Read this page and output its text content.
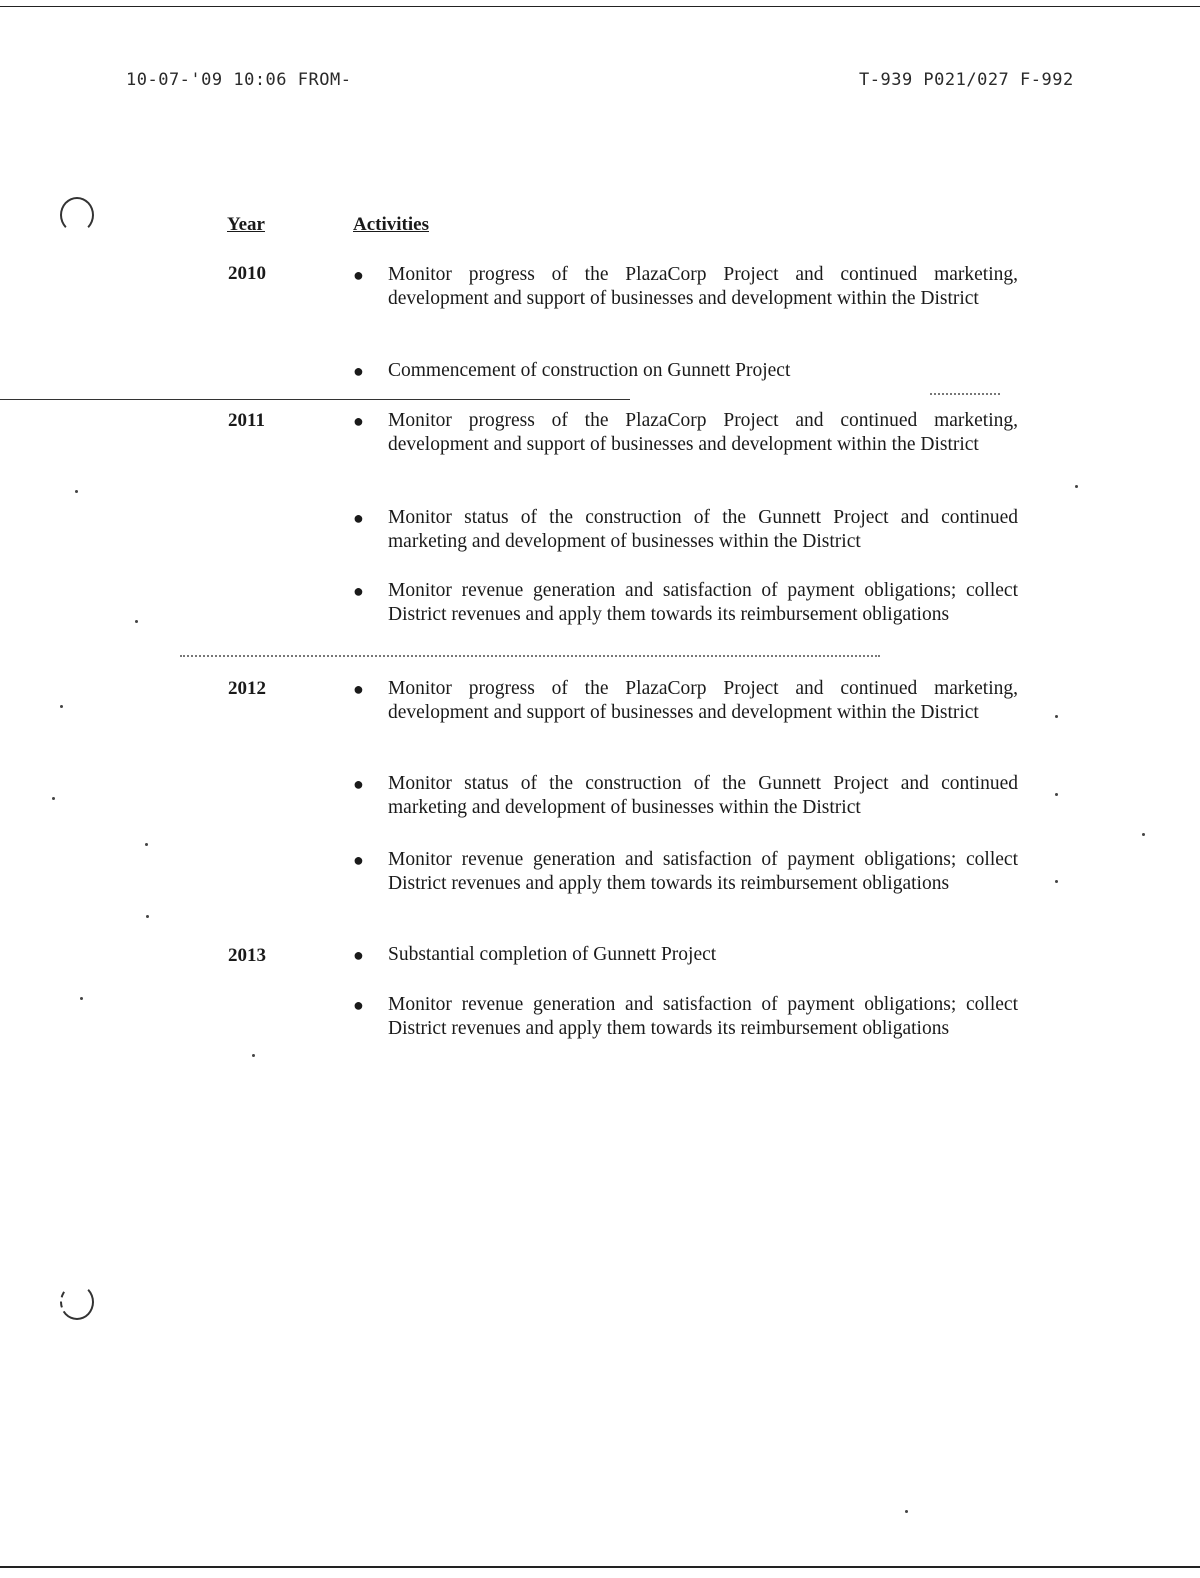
10-07-'09 10:06 FROM-	T-939 P021/027 F-992
Year	Activities
2010	●	Monitor progress of the PlazaCorp Project and continued marketing, development and support of businesses and development within the District
●	Commencement of construction on Gunnett Project
2011	●	Monitor progress of the PlazaCorp Project and continued marketing, development and support of businesses and development within the District
●	Monitor status of the construction of the Gunnett Project and continued marketing and development of businesses within the District
●	Monitor revenue generation and satisfaction of payment obligations; collect District revenues and apply them towards its reimbursement obligations
2012	●	Monitor progress of the PlazaCorp Project and continued marketing, development and support of businesses and development within the District
●	Monitor status of the construction of the Gunnett Project and continued marketing and development of businesses within the District
●	Monitor revenue generation and satisfaction of payment obligations; collect District revenues and apply them towards its reimbursement obligations
2013	●	Substantial completion of Gunnett Project
●	Monitor revenue generation and satisfaction of payment obligations; collect District revenues and apply them towards its reimbursement obligations
